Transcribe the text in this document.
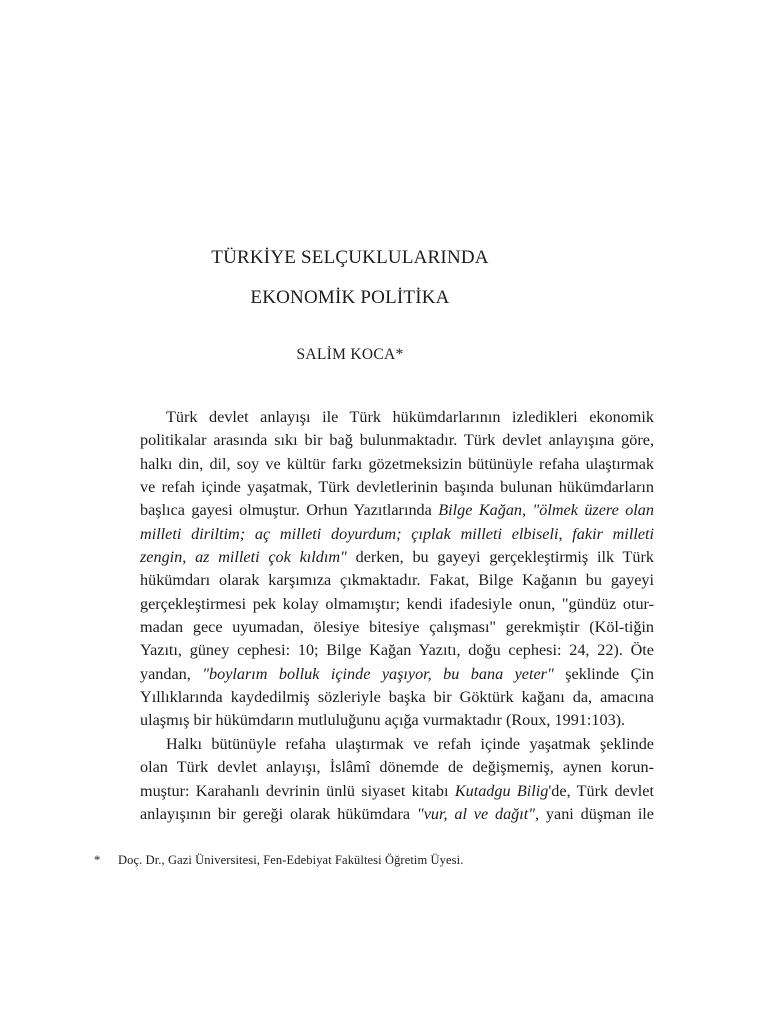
TÜRKİYE SELÇUKLULARINDA
EKONOMİK POLİTİKA

SALİM KOCA*

Türk devlet anlayışı ile Türk hükümdarlarının izledikleri ekonomik
politikalar arasında sıkı bir bağ bulunmaktadır. Türk devlet anlayışına göre,
halkı din, dil, soy ve kültür farkı gözetmeksizin bütünüyle refaha ulaştırmak
ve refah içinde yaşatmak, Türk devletlerinin başında bulunan hükümdarların
başlıca gayesi olmuştur. Orhun Yazıtlarında Bilge Kağan, "ölmek üzere olan
milleti diriltim; aç milleti doyurdum; çıplak milleti elbiseli, fakir milleti
zengin, az milleti çok kıldım" derken, bu gayeyi gerçekleştirmiş ilk Türk
hükümdarı olarak karşımıza çıkmaktadır. Fakat, Bilge Kağanın bu gayeyi
gerçekleştirmesi pek kolay olmamıştır; kendi ifadesiyle onun, "gündüz otur-
madan gece uyumadan, ölesiye bitesiye çalışması" gerekmiştir (Köl-tiğin
Yazıtı, güney cephesi: 10; Bilge Kağan Yazıtı, doğu cephesi: 24, 22). Öte
yandan, "boylarım bolluk içinde yaşıyor, bu bana yeter" şeklinde Çin
Yıllıklarında kaydedilmiş sözleriyle başka bir Göktürk kağanı da, amacına
ulaşmış bir hükümdarın mutluluğunu açığa vurmaktadır (Roux, 1991:103).
Halkı bütünüyle refaha ulaştırmak ve refah içinde yaşatmak şeklinde
olan Türk devlet anlayışı, İslâmî dönemde de değişmemiş, aynen korun-
muştur: Karahanlı devrinin ünlü siyaset kitabı Kutadgu Bilig'de, Türk devlet
anlayışının bir gereği olarak hükümdara "vur, al ve dağıt", yani düşman ile

* Doç. Dr., Gazi Üniversitesi, Fen-Edebiyat Fakültesi Öğretim Üyesi.
